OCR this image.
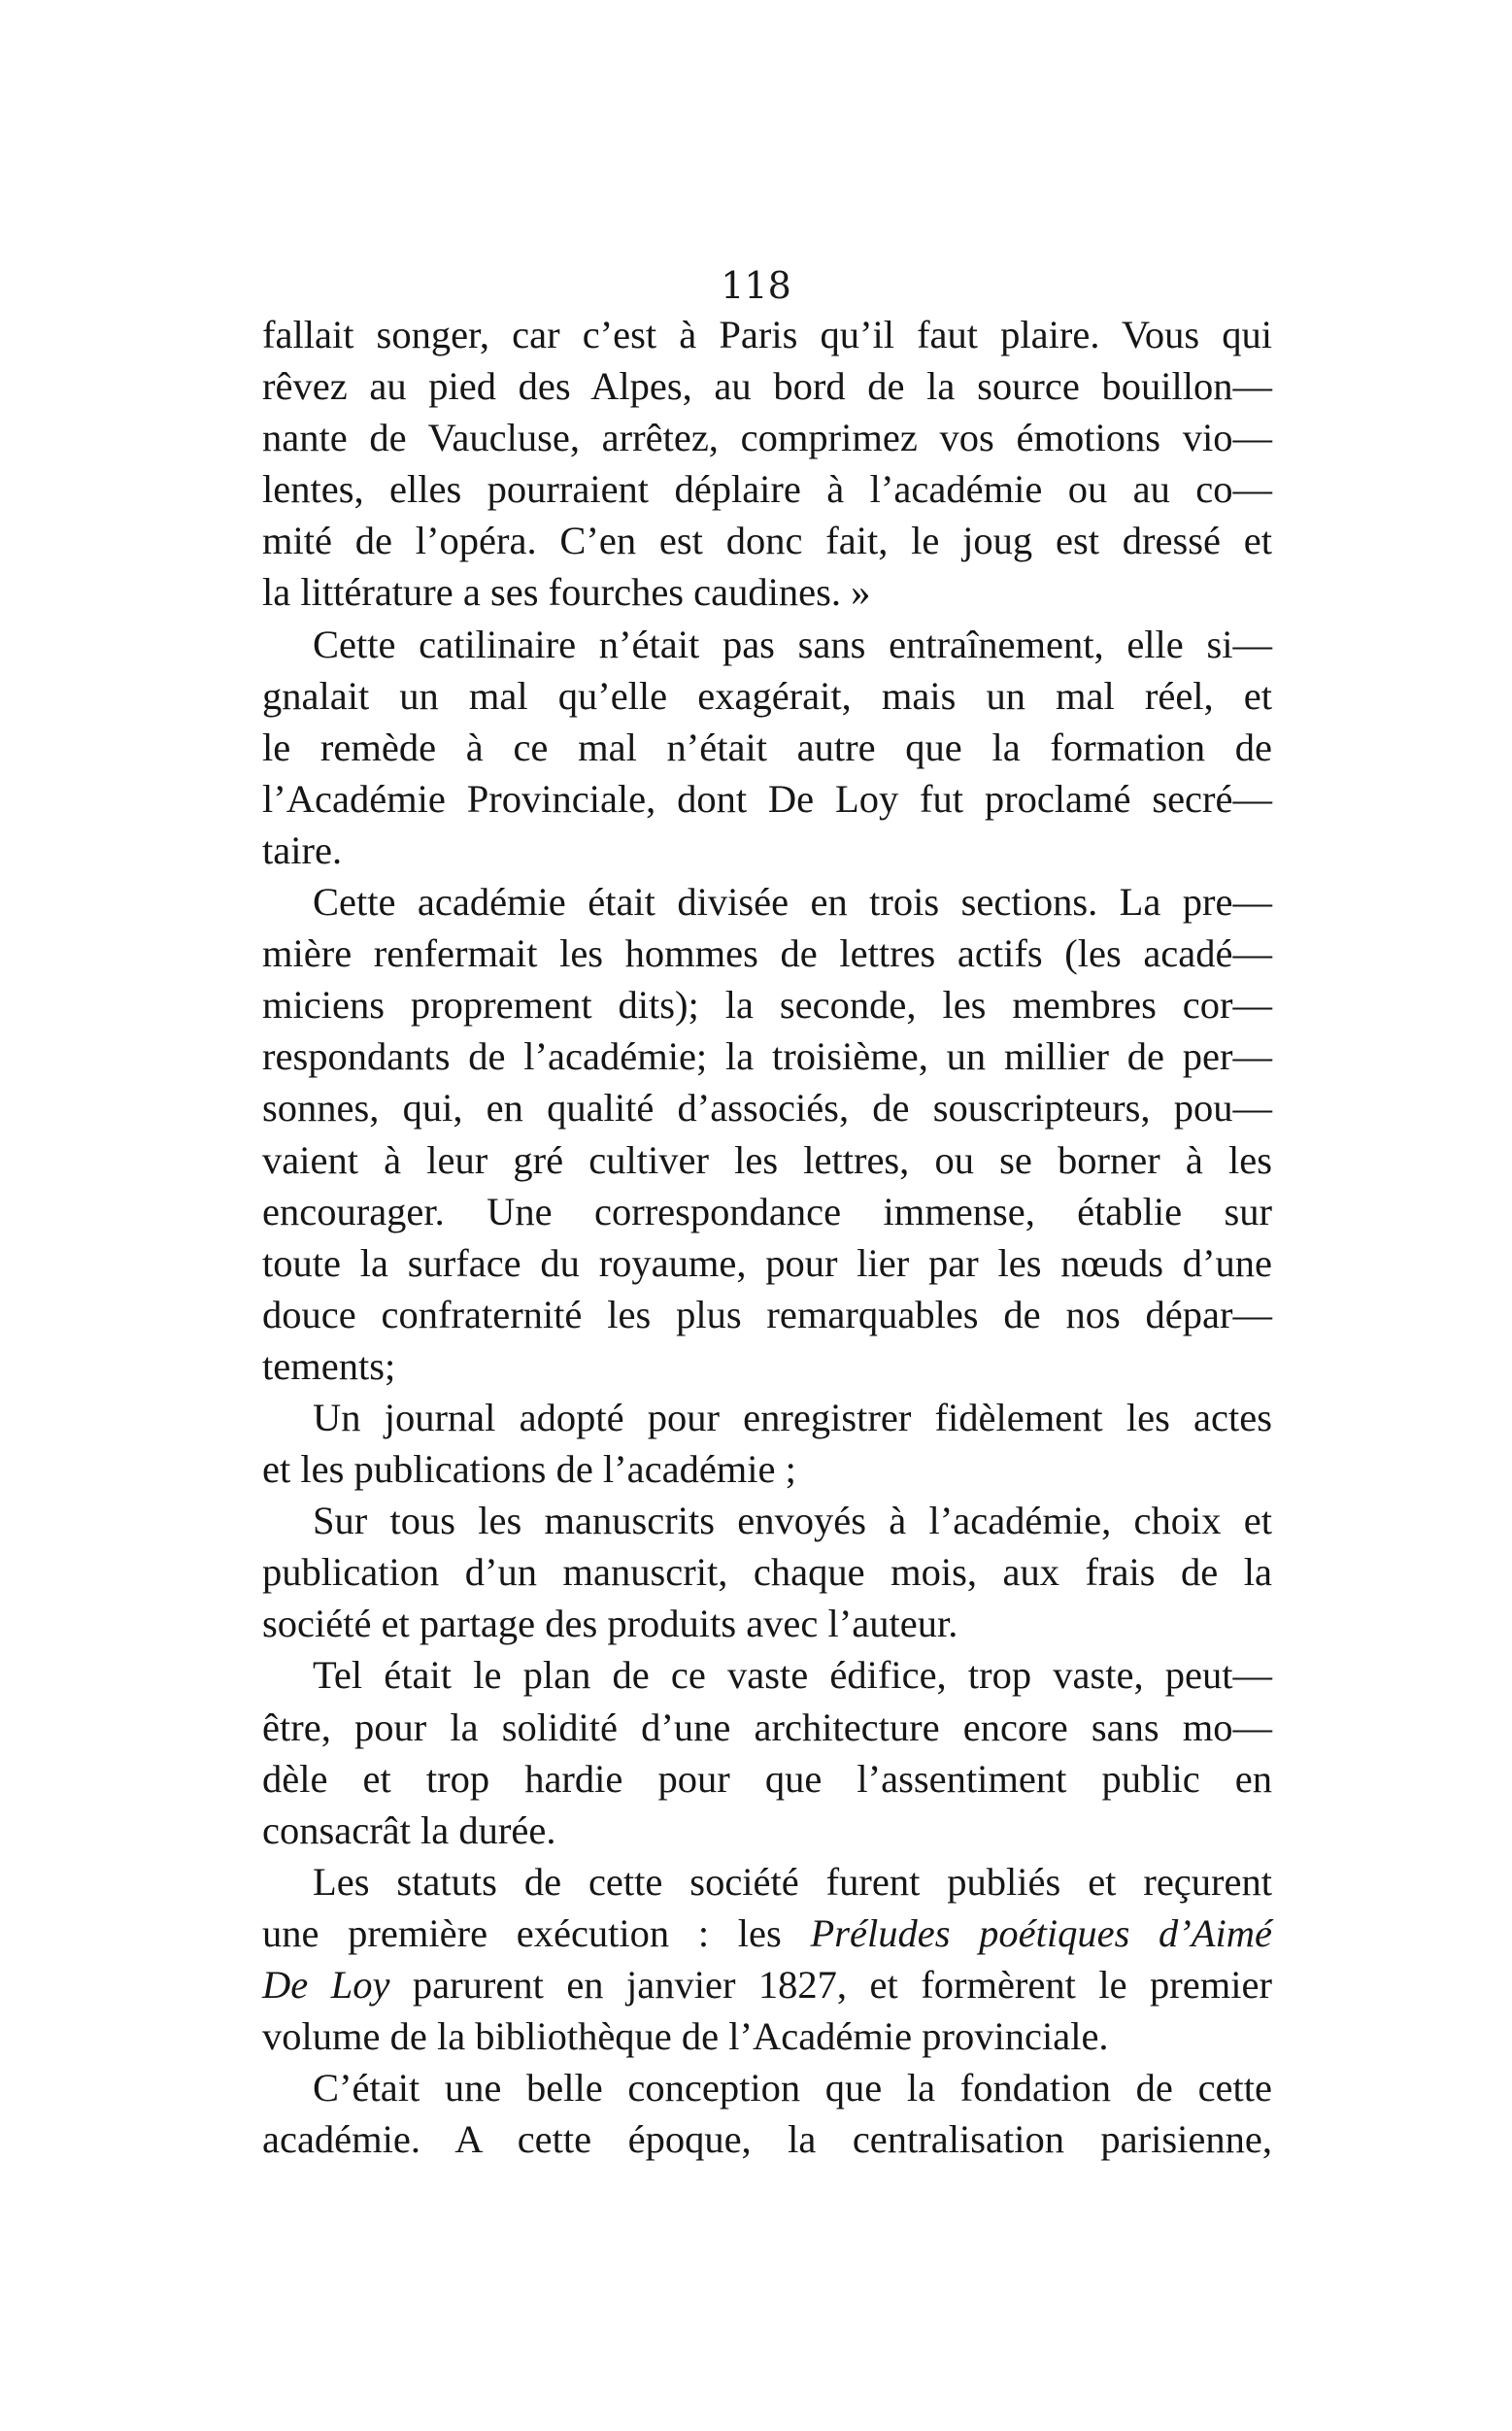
118
fallait songer, car c’est à Paris qu’il faut plaire. Vous qui
rêvez au pied des Alpes, au bord de la source bouillon—
nante de Vaucluse, arrêtez, comprimez vos émotions vio—
lentes, elles pourraient déplaire à l’académie ou au co—
mité de l’opéra. C’en est donc fait, le joug est dressé et
la littérature a ses fourches caudines. »
Cette catilinaire n’était pas sans entraînement, elle si—
gnalait un mal qu’elle exagérait, mais un mal réel, et
le remède à ce mal n’était autre que la formation de
l’Académie Provinciale, dont De Loy fut proclamé secré—
taire.
Cette académie était divisée en trois sections. La pre—
mière renfermait les hommes de lettres actifs (les acadé—
miciens proprement dits); la seconde, les membres cor—
respondants de l’académie; la troisième, un millier de per—
sonnes, qui, en qualité d’associés, de souscripteurs, pou—
vaient à leur gré cultiver les lettres, ou se borner à les
encourager. Une correspondance immense, établie sur
toute la surface du royaume, pour lier par les nœuds d’une
douce confraternité les plus remarquables de nos dépar—
tements;
Un journal adopté pour enregistrer fidèlement les actes
et les publications de l’académie ;
Sur tous les manuscrits envoyés à l’académie, choix et
publication d’un manuscrit, chaque mois, aux frais de la
société et partage des produits avec l’auteur.
Tel était le plan de ce vaste édifice, trop vaste, peut—
être, pour la solidité d’une architecture encore sans mo—
dèle et trop hardie pour que l’assentiment public en
consacrât la durée.
Les statuts de cette société furent publiés et reçurent
une première exécution : les Préludes poétiques d’Aimé
De Loy parurent en janvier 1827, et formèrent le premier
volume de la bibliothèque de l’Académie provinciale.
C’était une belle conception que la fondation de cette
académie. A cette époque, la centralisation parisienne,
